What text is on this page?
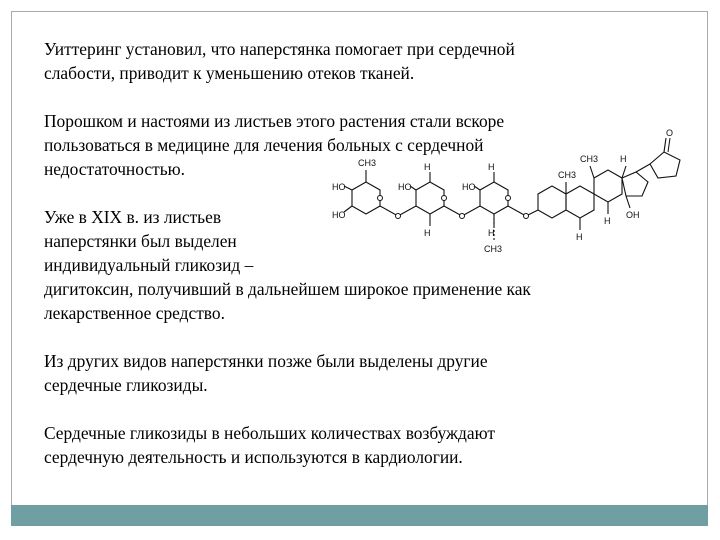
Уиттеринг установил, что наперстянка помогает при сердечной
слабости, приводит к уменьшению отеков тканей.

Порошком и настоями из листьев этого растения стали вскоре
пользоваться в медицине для лечения больных с сердечной
недостаточностью.

Уже в XIX в. из листьев
наперстянки был выделен
индивидуальный гликозид –
дигитоксин, получивший в дальнейшем широкое применение как
лекарственное средство.

Из других видов наперстянки позже были выделены другие
сердечные гликозиды.

Сердечные гликозиды в небольших количествах возбуждают
сердечную деятельность и используются в кардиологии.

HO
HO
HO	HO
CH3
CH3
H	H
H	H
CH3
CH3 H
OH
H
H
O
